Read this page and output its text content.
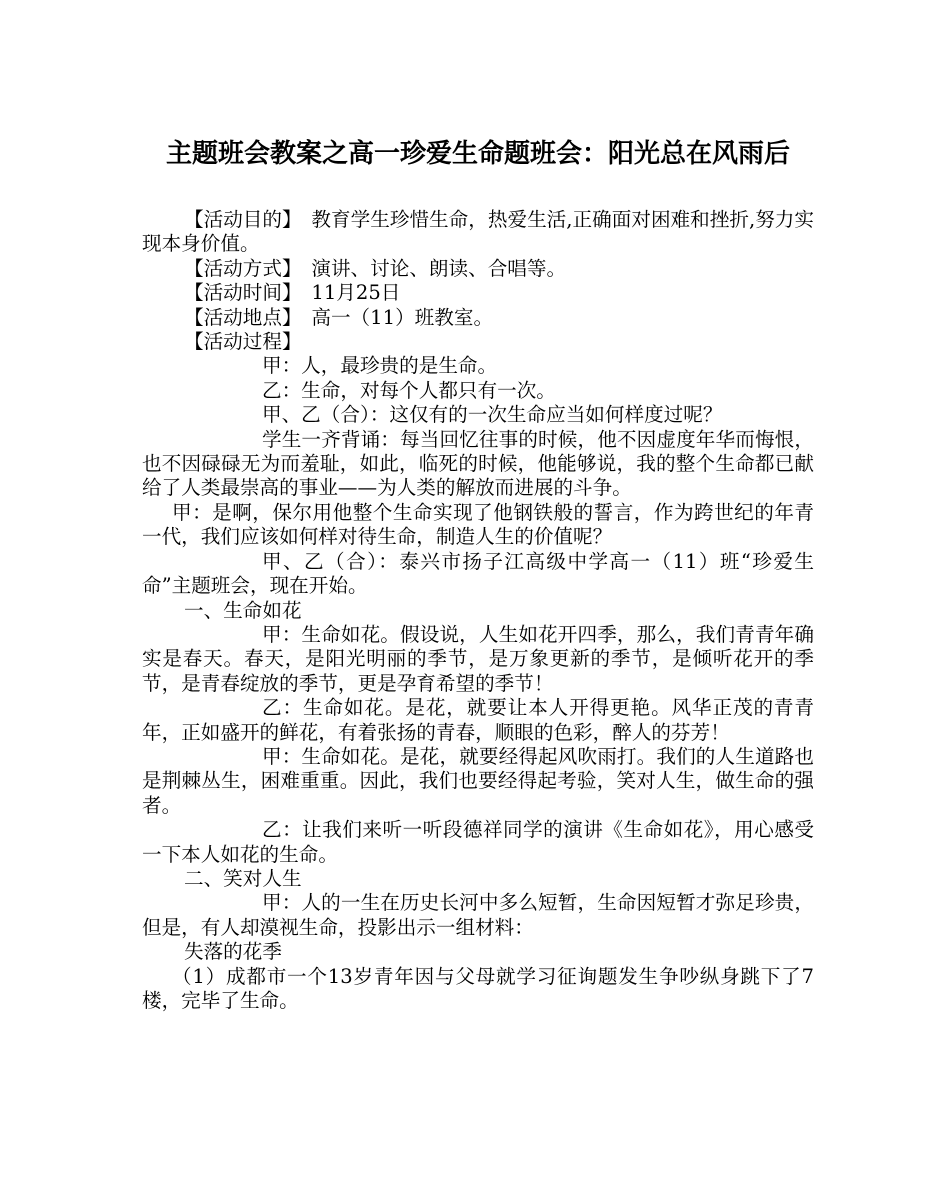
主题班会教案之高一珍爱生命题班会：阳光总在风雨后

【活动目的】　教育学生珍惜生命，热爱生活,正确面对困难和挫折,努力实现本身价值。

【活动方式】　演讲、讨论、朗读、合唱等。

【活动时间】　11月25日

【活动地点】　高一（11）班教室。

【活动过程】

甲：人，最珍贵的是生命。

乙：生命，对每个人都只有一次。

甲、乙（合）：这仅有的一次生命应当如何样度过呢？

学生一齐背诵：每当回忆往事的时候，他不因虚度年华而悔恨，也不因碌碌无为而羞耻，如此，临死的时候，他能够说，我的整个生命都已献给了人类最崇高的事业——为人类的解放而进展的斗争。

甲：是啊，保尔用他整个生命实现了他钢铁般的誓言，作为跨世纪的年青一代，我们应该如何样对待生命，制造人生的价值呢？

甲、乙（合）：泰兴市扬子江高级中学高一（11）班“珍爱生命”主题班会，现在开始。

一、生命如花

甲：生命如花。假设说，人生如花开四季，那么，我们青青年确实是春天。春天，是阳光明丽的季节，是万象更新的季节，是倾听花开的季节，是青春绽放的季节，更是孕育希望的季节！

乙：生命如花。是花，就要让本人开得更艳。风华正茂的青青年，正如盛开的鲜花，有着张扬的青春，顺眼的色彩，醉人的芬芳！

甲：生命如花。是花，就要经得起风吹雨打。我们的人生道路也是荆棘丛生，困难重重。因此，我们也要经得起考验，笑对人生，做生命的强者。

乙：让我们来听一听段德祥同学的演讲《生命如花》，用心感受一下本人如花的生命。

二、笑对人生

甲：人的一生在历史长河中多么短暂，生命因短暂才弥足珍贵，但是，有人却漠视生命，投影出示一组材料：

失落的花季

（1）成都市一个13岁青年因与父母就学习征询题发生争吵纵身跳下了7楼，完毕了生命。
